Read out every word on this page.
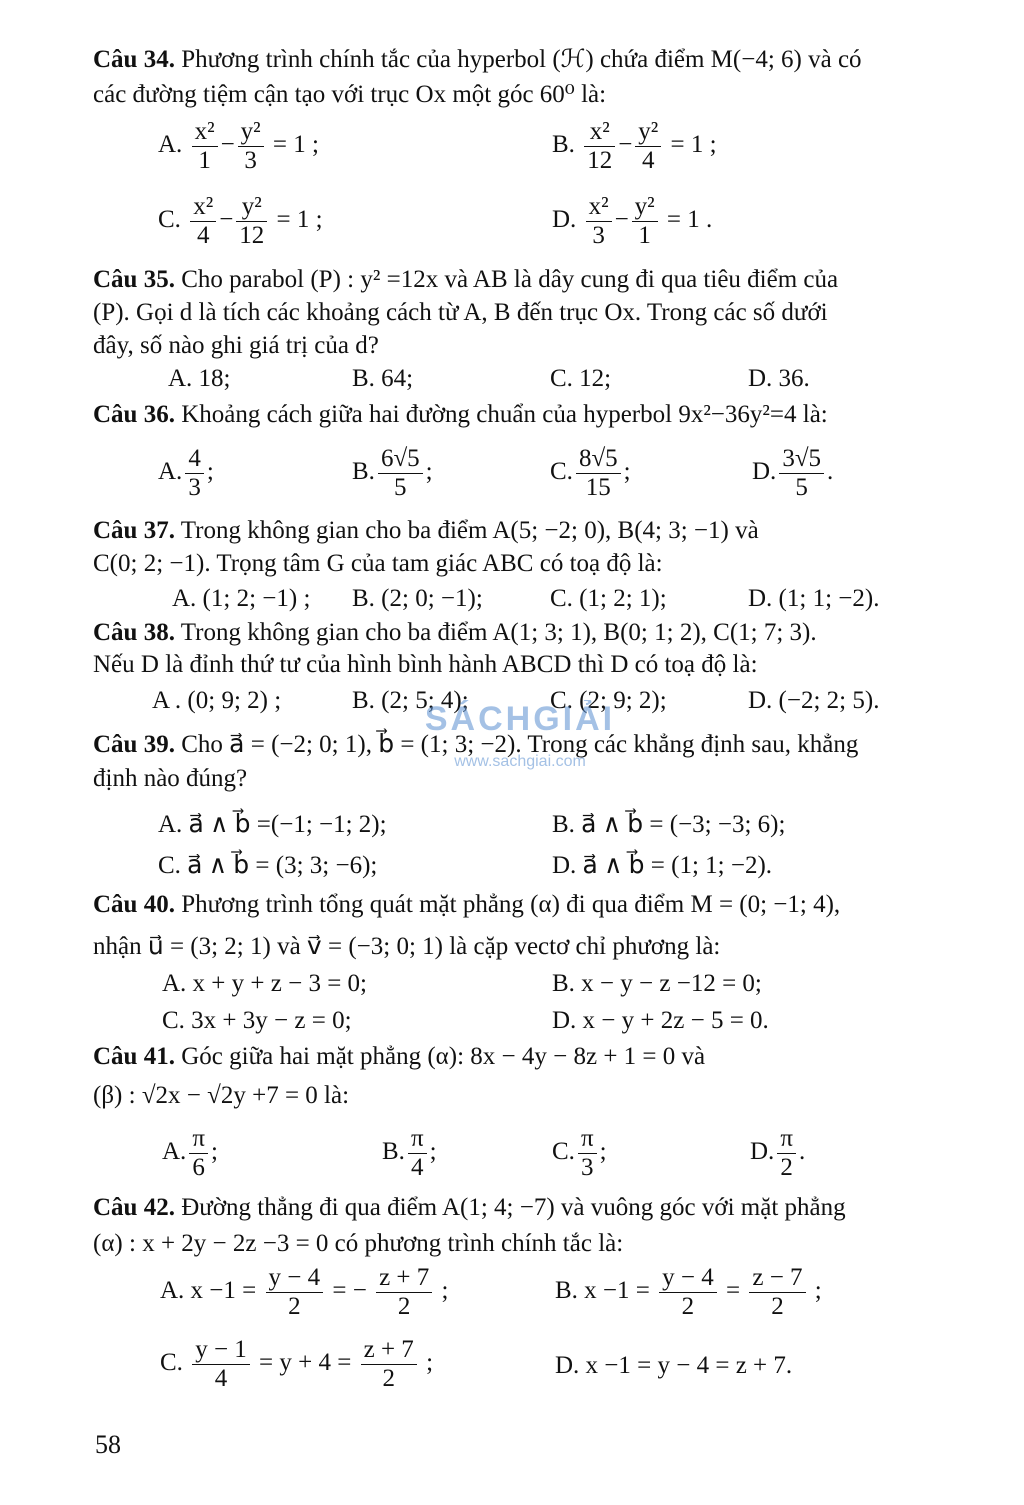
Câu 34. Phương trình chính tắc của hyperbol (ℋ) chứa điểm M(−4; 6) và có
các đường tiệm cận tạo với trục Ox một góc 60⁰ là:
A. $\frac{\text{x²}}{1} - \frac{\text{y²}}{3} = 1$ ;	B. $\frac{\text{x²}}{12} - \frac{\text{y²}}{4} = 1$ ;
C. $\frac{\text{x²}}{4} - \frac{\text{y²}}{12} = 1$ ;	D. $\frac{\text{x²}}{3} - \frac{\text{y²}}{1} = 1$ .
Câu 35. Cho parabol (P) : y² =12x và AB là dây cung đi qua tiêu điểm của
(P). Gọi d là tích các khoảng cách từ A, B đến trục Ox. Trong các số dưới
đây, số nào ghi giá trị của d?
A. 18;	B. 64;	C. 12;	D. 36.
Câu 36. Khoảng cách giữa hai đường chuẩn của hyperbol 9x²−36y²=4 là:
A. $\frac{4}{3}$ ;	B. $\frac{6√5}{5}$ ;	C. $\frac{8√5}{15}$ ;	D. $\frac{3√5}{5}$ .
Câu 37. Trong không gian cho ba điểm A(5; −2; 0), B(4; 3; −1) và
C(0; 2; −1). Trọng tâm G của tam giác ABC có toạ độ là:
A. (1; 2; −1) ; B. (2; 0; −1);	C. (1; 2; 1);	D. (1; 1; −2).
Câu 38. Trong không gian cho ba điểm A(1; 3; 1), B(0; 1; 2), C(1; 7; 3).
Nếu D là đỉnh thứ tư của hình bình hành ABCD thì D có toạ độ là:
A . (0; 9; 2) ;	B. (2; 5; 4);	C. (2; 9; 2);	D. (−2; 2; 5).
SÁCHGIẢI
www.sachgiai.com
Câu 39. Cho a⃗ = (−2; 0; 1), b⃗ = (1; 3; −2). Trong các khẳng định sau, khẳng
định nào đúng?
A. a⃗ ∧ b⃗ =(−1; −1; 2);	B. a⃗ ∧ b⃗ = (−3; −3; 6);
C. a⃗ ∧ b⃗ = (3; 3; −6);	D. a⃗ ∧ b⃗ = (1; 1; −2).
Câu 40. Phương trình tổng quát mặt phẳng (α) đi qua điểm M = (0; −1; 4),
nhận u⃗ = (3; 2; 1) và v⃗ = (−3; 0; 1) là cặp vectơ chỉ phương là:
A. x + y + z − 3 = 0;	B. x − y − z −12 = 0;
C. 3x + 3y − z = 0;	D. x − y + 2z − 5 = 0.
Câu 41. Góc giữa hai mặt phẳng (α): 8x − 4y − 8z + 1 = 0 và
(β) : √2x − √2y +7 = 0 là:
A. $\frac{\pi}{6}$ ;	B. $\frac{\pi}{4}$ ;	C. $\frac{\pi}{3}$ ;	D. $\frac{\pi}{2}$ .
Câu 42. Đường thẳng đi qua điểm A(1; 4; −7) và vuông góc với mặt phẳng
(α) : x + 2y − 2z −3 = 0 có phương trình chính tắc là:
A. $x -1 = \frac{y - 4}{2}$ = − $\frac{z + 7}{2}$ ;	B. $x -1 = \frac{y - 4}{2} = \frac{z - 7}{2}$ ;
C. $\frac{y - 1}{4} = y + 4 = \frac{z + 7}{2}$ ;	D. x −1 = y − 4 = z + 7.
58
